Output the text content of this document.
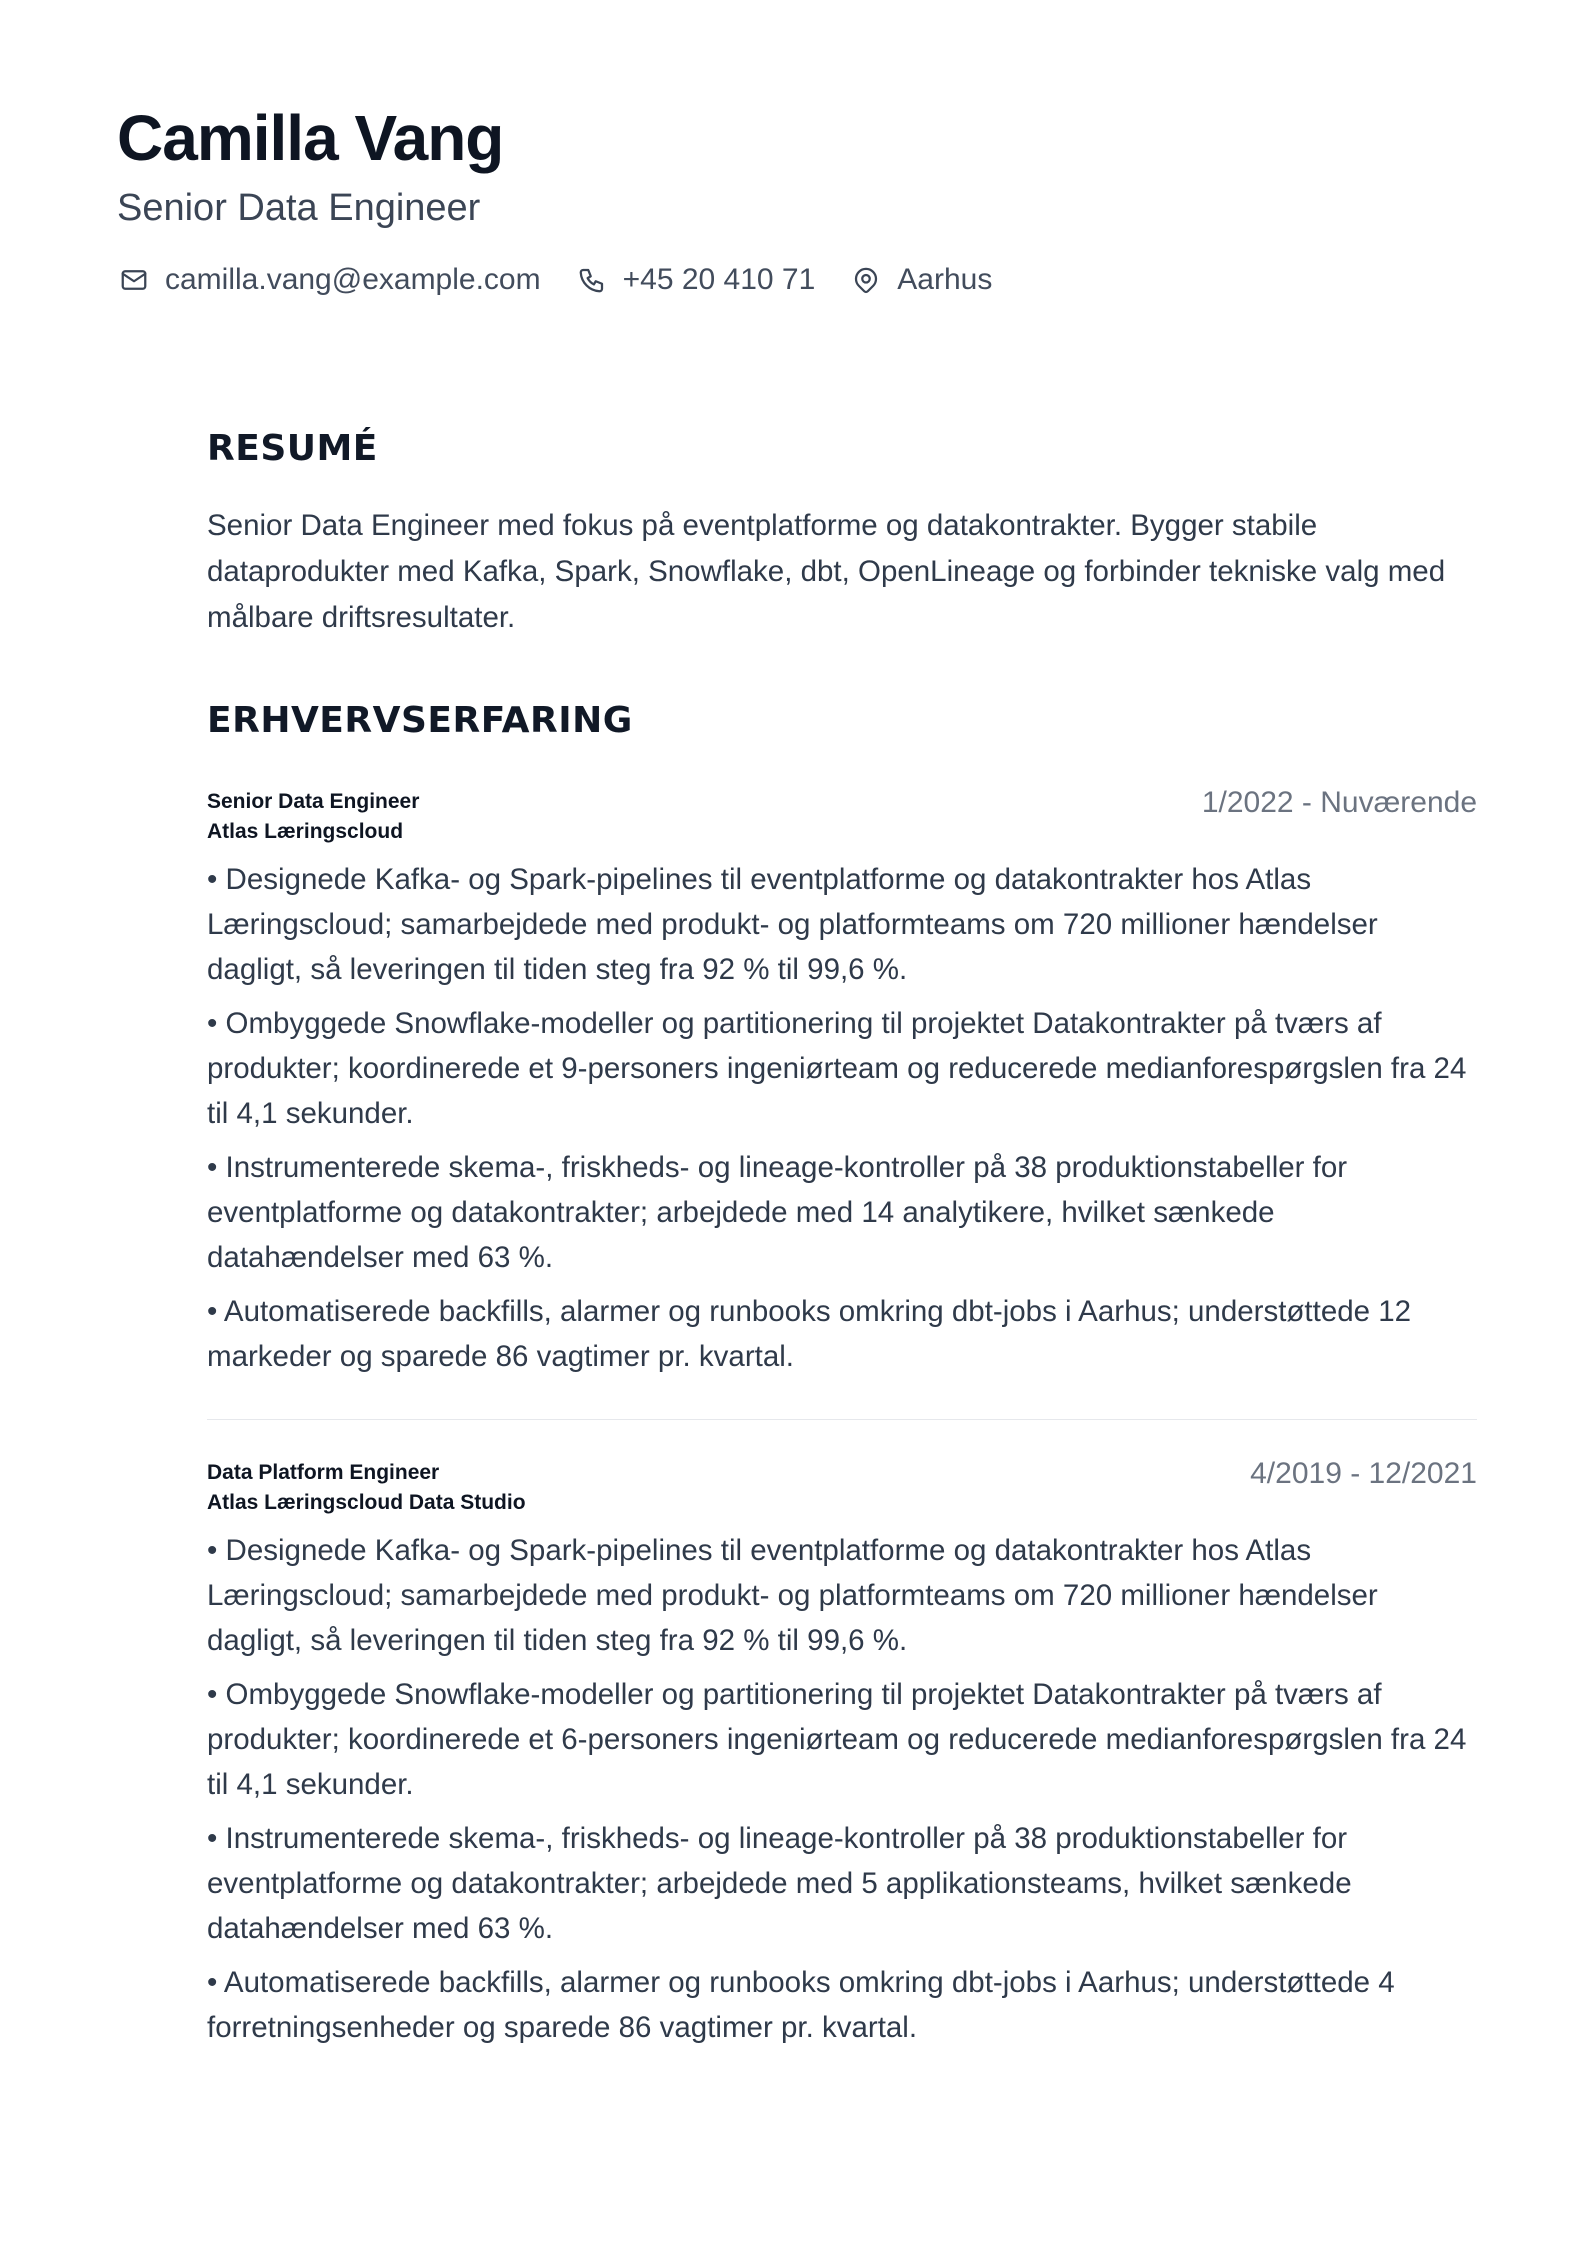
Camilla Vang
Senior Data Engineer
camilla.vang@example.com	+45 20 410 71	Aarhus
RESUMÉ

Senior Data Engineer med fokus på eventplatforme og datakontrakter. Bygger stabile dataprodukter med Kafka, Spark, Snowflake, dbt, OpenLineage og forbinder tekniske valg med målbare driftsresultater.

ERHVERVSERFARING
Senior Data Engineer
Atlas Læringscloud
1/2022 - Nuværende
• Designede Kafka- og Spark-pipelines til eventplatforme og datakontrakter hos Atlas Læringscloud; samarbejdede med produkt- og platformteams om 720 millioner hændelser dagligt, så leveringen til tiden steg fra 92 % til 99,6 %.
• Ombyggede Snowflake-modeller og partitionering til projektet Datakontrakter på tværs af produkter; koordinerede et 9-personers ingeniørteam og reducerede medianforespørgslen fra 24 til 4,1 sekunder.
• Instrumenterede skema-, friskheds- og lineage-kontroller på 38 produktionstabeller for eventplatforme og datakontrakter; arbejdede med 14 analytikere, hvilket sænkede datahændelser med 63 %.
• Automatiserede backfills, alarmer og runbooks omkring dbt-jobs i Aarhus; understøttede 12 markeder og sparede 86 vagtimer pr. kvartal.
Data Platform Engineer
Atlas Læringscloud Data Studio
4/2019 - 12/2021
• Designede Kafka- og Spark-pipelines til eventplatforme og datakontrakter hos Atlas Læringscloud; samarbejdede med produkt- og platformteams om 720 millioner hændelser dagligt, så leveringen til tiden steg fra 92 % til 99,6 %.
• Ombyggede Snowflake-modeller og partitionering til projektet Datakontrakter på tværs af produkter; koordinerede et 6-personers ingeniørteam og reducerede medianforespørgslen fra 24 til 4,1 sekunder.
• Instrumenterede skema-, friskheds- og lineage-kontroller på 38 produktionstabeller for eventplatforme og datakontrakter; arbejdede med 5 applikationsteams, hvilket sænkede datahændelser med 63 %.
• Automatiserede backfills, alarmer og runbooks omkring dbt-jobs i Aarhus; understøttede 4 forretningsenheder og sparede 86 vagtimer pr. kvartal.
